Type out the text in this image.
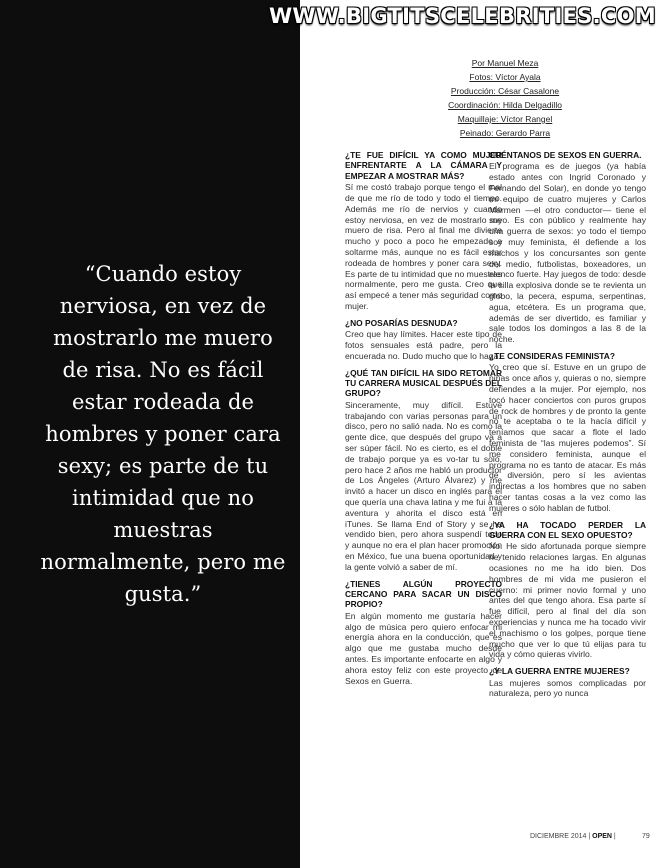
“Cuando estoy nerviosa, en vez de mostrarlo me muero de risa. No es fácil estar rodeada de hombres y poner cara sexy; es parte de tu intimidad que no muestras normalmente, pero me gusta.”
WWW.BIGTITSCELEBRITIES.COM
Por Manuel Meza
Fotos: Víctor Ayala
Producción: César Casalone
Coordinación: Hilda Delgadillo
Maquillaje: Víctor Rangel
Peinado: Gerardo Parra
¿TE FUE DIFÍCIL YA COMO MUJER ENFRENTARTE A LA CÁMARA Y EMPEZAR A MOSTRAR MÁS?

Sí me costó trabajo porque tengo el mal de que me río de todo y todo el tiempo. Además me río de nervios y cuando estoy nerviosa, en vez de mostrarlo me muero de risa. Pero al final me divierte mucho y poco a poco he empezado a soltarme más, aunque no es fácil estar rodeada de hombres y poner cara sexy. Es parte de tu intimidad que no muestras normalmente, pero me gusta. Creo que así empecé a tener más seguridad como mujer.

¿NO POSARÍAS DESNUDA?

Creo que hay límites. Hacer este tipo de fotos sensuales está padre, pero la encuerada no. Dudo mucho que lo haga.

¿QUÉ TAN DIFÍCIL HA SIDO RETOMAR TU CARRERA MUSICAL DESPUÉS DEL GRUPO?

Sinceramente, muy difícil. Estuve trabajando con varias personas para un disco, pero no salió nada. No es como la gente dice, que después del grupo va a ser súper fácil. No es cierto, es el doble de trabajo porque ya es vo-tar tu solo, pero hace 2 años me habló un productor de Los Ángeles (Arturo Álvarez) y me invitó a hacer un disco en inglés para el que quería una chava latina y me fui a la aventura y ahorita el disco está en iTunes. Se llama End of Story y se ha vendido bien, pero ahora suspendí todo y aunque no era el plan hacer promoción en México, fue una buena oportunidad y la gente volvió a saber de mí.

¿TIENES ALGÚN PROYECTO CERCANO PARA SACAR UN DISCO PROPIO?

En algún momento me gustaría hacer algo de música pero quiero enfocar mi energía ahora en la conducción, que es algo que me gustaba mucho desde antes. Es importante enfocarte en algo y ahora estoy feliz con este proyecto de Sexos en Guerra.

CUÉNTANOS DE SEXOS EN GUERRA.

El programa es de juegos (ya había estado antes con Ingrid Coronado y Fernando del Solar), en donde yo tengo mi equipo de cuatro mujeres y Carlos Marmen —el otro conductor— tiene el suyo. Es con público y realmente hay una guerra de sexos: yo todo el tiempo soy muy feminista, él defiende a los machos y los concursantes son gente del medio, futbolistas, boxeadores, un elenco fuerte. Hay juegos de todo: desde la silla explosiva donde se te revienta un globo, la pecera, espuma, serpentinas, agua, etcétera. Es un programa que, además de ser divertido, es familiar y sale todos los domingos a las 8 de la noche.

¿TE CONSIDERAS FEMINISTA?

Yo creo que sí. Estuve en un grupo de niñas once años y, quieras o no, siempre defiendes a la mujer. Por ejemplo, nos tocó hacer conciertos con puros grupos de rock de hombres y de pronto la gente no te aceptaba o te la hacía difícil y teníamos que sacar a flote el lado feminista de “las mujeres podemos”. Sí me considero feminista, aunque el programa no es tanto de atacar. Es más de diversión, pero sí les avientas indirectas a los hombres que no saben hacer tantas cosas a la vez como las mujeres o sólo hablan de futbol.

¿YA HA TOCADO PERDER LA GUERRA CON EL SEXO OPUESTO?

No. He sido afortunada porque siempre he tenido relaciones largas. En algunas ocasiones no me ha ido bien. Dos hombres de mi vida me pusieron el cuerno: mi primer novio formal y uno antes del que tengo ahora. Esa parte sí fue difícil, pero al final del día son experiencias y nunca me ha tocado vivir el machismo o los golpes, porque tiene mucho que ver lo que tú elijas para tu vida y cómo quieras vivirlo.

¿Y LA GUERRA ENTRE MUJERES?

Las mujeres somos complicadas por naturaleza, pero yo nunca

DICIEMBRE 2014 | OPEN |	79
